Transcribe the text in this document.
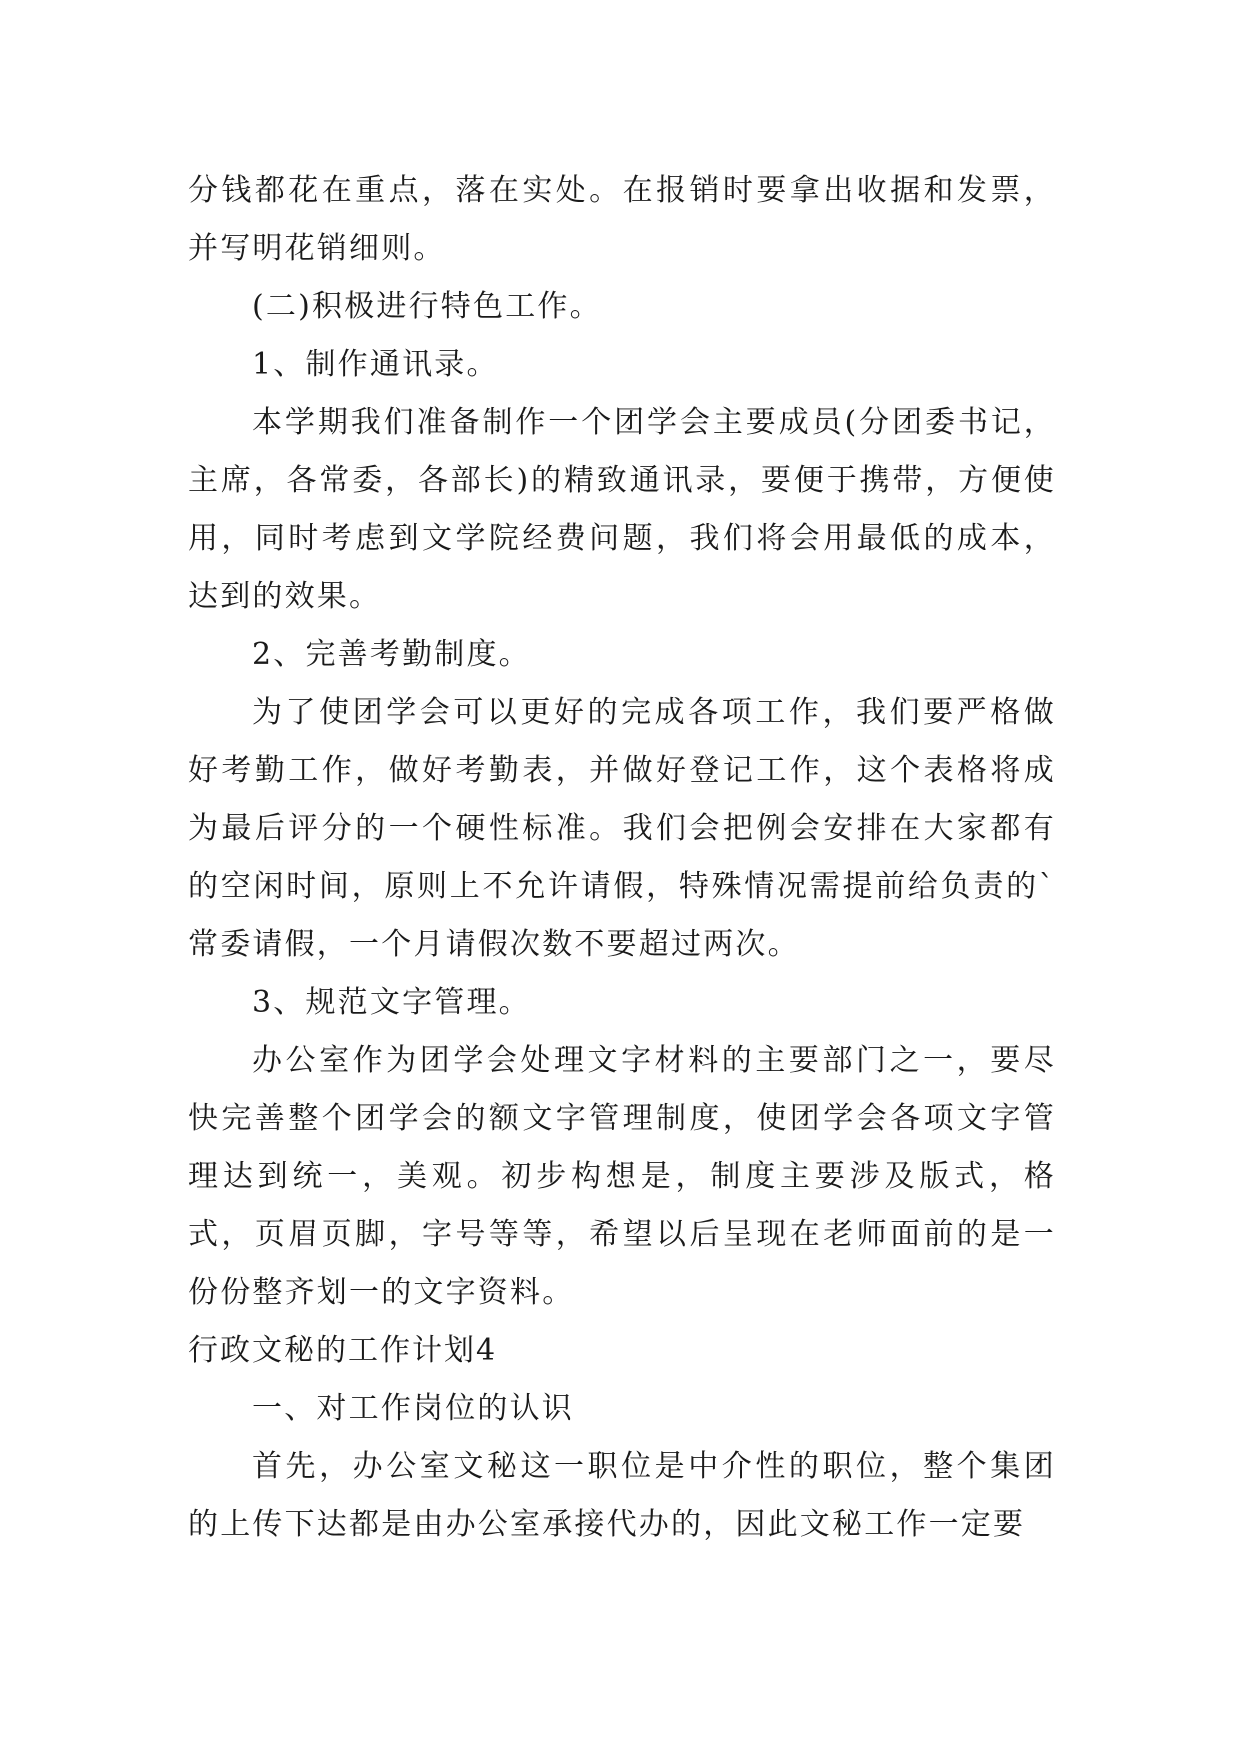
分钱都花在重点，落在实处。在报销时要拿出收据和发票，并写明花销细则。

(二)积极进行特色工作。

1、制作通讯录。

本学期我们准备制作一个团学会主要成员(分团委书记，主席，各常委，各部长)的精致通讯录，要便于携带，方便使用，同时考虑到文学院经费问题，我们将会用最低的成本，达到的效果。

2、完善考勤制度。

为了使团学会可以更好的完成各项工作，我们要严格做好考勤工作，做好考勤表，并做好登记工作，这个表格将成为最后评分的一个硬性标准。我们会把例会安排在大家都有的空闲时间，原则上不允许请假，特殊情况需提前给负责的`常委请假，一个月请假次数不要超过两次。

3、规范文字管理。

办公室作为团学会处理文字材料的主要部门之一，要尽快完善整个团学会的额文字管理制度，使团学会各项文字管理达到统一，美观。初步构想是，制度主要涉及版式，格式，页眉页脚，字号等等，希望以后呈现在老师面前的是一份份整齐划一的文字资料。

行政文秘的工作计划4

一、对工作岗位的认识

首先，办公室文秘这一职位是中介性的职位，整个集团的上传下达都是由办公室承接代办的，因此文秘工作一定要
